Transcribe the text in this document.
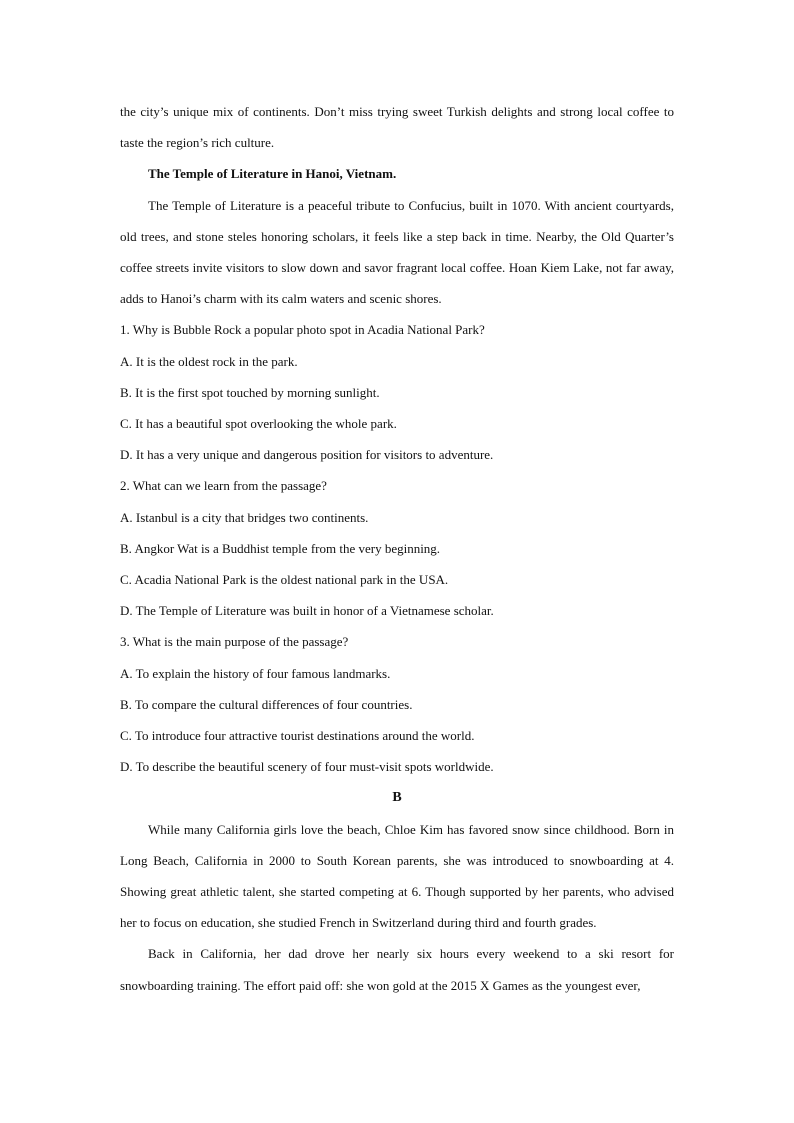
the city’s unique mix of continents. Don’t miss trying sweet Turkish delights and strong local coffee to taste the region’s rich culture.

The Temple of Literature in Hanoi, Vietnam.

The Temple of Literature is a peaceful tribute to Confucius, built in 1070. With ancient courtyards, old trees, and stone steles honoring scholars, it feels like a step back in time. Nearby, the Old Quarter’s coffee streets invite visitors to slow down and savor fragrant local coffee. Hoan Kiem Lake, not far away, adds to Hanoi’s charm with its calm waters and scenic shores.

1. Why is Bubble Rock a popular photo spot in Acadia National Park?

A. It is the oldest rock in the park.

B. It is the first spot touched by morning sunlight.

C. It has a beautiful spot overlooking the whole park.

D. It has a very unique and dangerous position for visitors to adventure.

2. What can we learn from the passage?

A. Istanbul is a city that bridges two continents.

B. Angkor Wat is a Buddhist temple from the very beginning.

C. Acadia National Park is the oldest national park in the USA.

D. The Temple of Literature was built in honor of a Vietnamese scholar.

3. What is the main purpose of the passage?

A. To explain the history of four famous landmarks.

B. To compare the cultural differences of four countries.

C. To introduce four attractive tourist destinations around the world.

D. To describe the beautiful scenery of four must-visit spots worldwide.

B

While many California girls love the beach, Chloe Kim has favored snow since childhood. Born in Long Beach, California in 2000 to South Korean parents, she was introduced to snowboarding at 4. Showing great athletic talent, she started competing at 6. Though supported by her parents, who advised her to focus on education, she studied French in Switzerland during third and fourth grades.

Back in California, her dad drove her nearly six hours every weekend to a ski resort for snowboarding training. The effort paid off: she won gold at the 2015 X Games as the youngest ever,
